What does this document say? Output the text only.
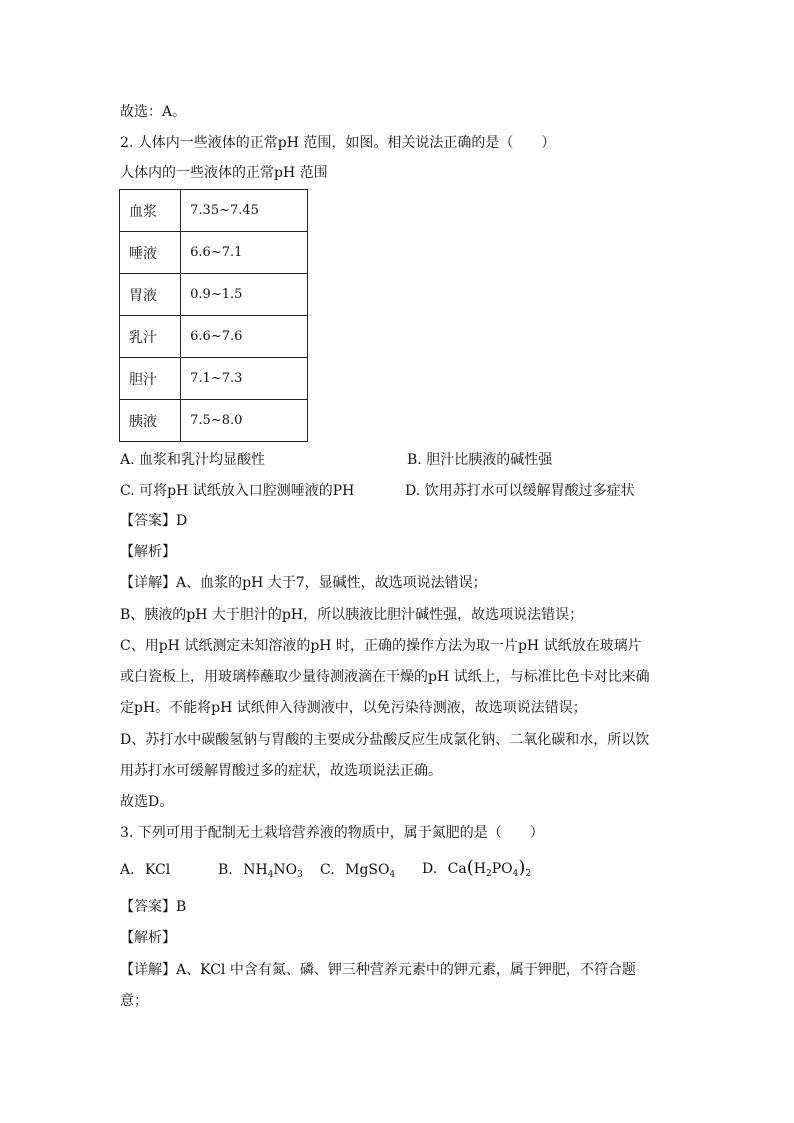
故选：A。
2. 人体内一些液体的正常pH 范围，如图。相关说法正确的是（　　）
人体内的一些液体的正常pH 范围
血浆	7.35~7.45
唾液	6.6~7.1
胃液	0.9~1.5
乳汁	6.6~7.6
胆汁	7.1~7.3
胰液	7.5~8.0
A. 血浆和乳汁均显酸性	B. 胆汁比胰液的碱性强
C. 可将pH 试纸放入口腔测唾液的PH	D. 饮用苏打水可以缓解胃酸过多症状
【答案】D
【解析】
【详解】A、血浆的pH 大于7，显碱性，故选项说法错误；
B、胰液的pH 大于胆汁的pH，所以胰液比胆汁碱性强，故选项说法错误；
C、用pH 试纸测定未知溶液的pH 时，正确的操作方法为取一片pH 试纸放在玻璃片
或白瓷板上，用玻璃棒蘸取少量待测液滴在干燥的pH 试纸上，与标准比色卡对比来确
定pH。不能将pH 试纸伸入待测液中，以免污染待测液，故选项说法错误；
D、苏打水中碳酸氢钠与胃酸的主要成分盐酸反应生成氯化钠、二氧化碳和水，所以饮
用苏打水可缓解胃酸过多的症状，故选项说法正确。
故选D。
3. 下列可用于配制无土栽培营养液的物质中，属于氮肥的是（　　）
A. KCl	B. $NH_4NO_3$ C. MgSO$_4$ D. $Ca(H_2PO_4)_2$
【答案】B
【解析】
【详解】A、KCl 中含有氮、磷、钾三种营养元素中的钾元素，属于钾肥，不符合题
意；
